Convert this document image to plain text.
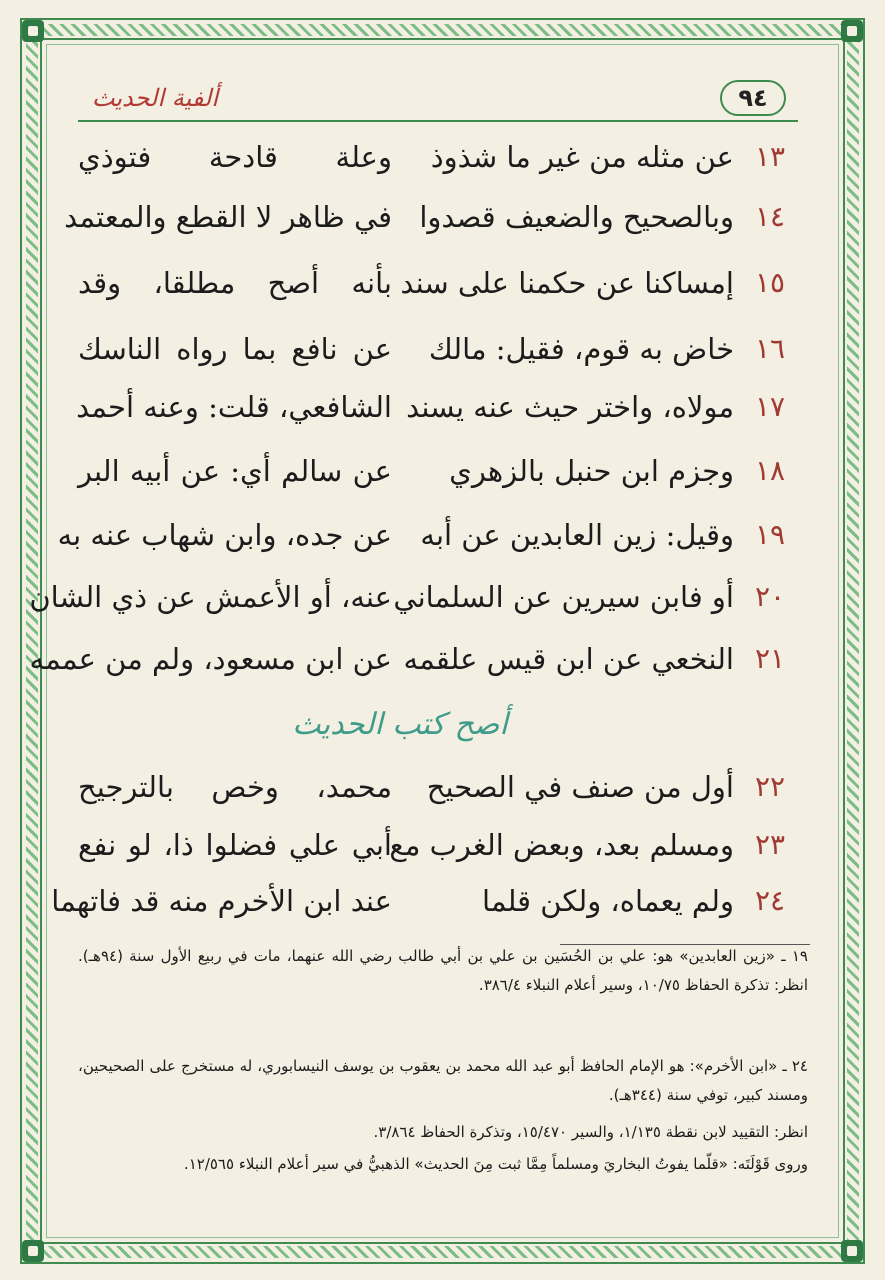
ألفية الحديث	٩٤
١٣
عن مثله من غير ما شذوذ
وعلة قادحة فتوذي
١٤
وبالصحيح والضعيف قصدوا
في ظاهر لا القطع والمعتمد
١٥
إمساكنا عن حكمنا على سند
بأنه أصح مطلقا، وقد
١٦
خاض به قوم، فقيل: مالك
عن نافع بما رواه الناسك
١٧
مولاه، واختر حيث عنه يسند
الشافعي، قلت: وعنه أحمد
١٨
وجزم ابن حنبل بالزهري
عن سالم أي: عن أبيه البر
١٩
وقيل: زين العابدين عن أبه
عن جده، وابن شهاب عنه به
٢٠
أو فابن سيرين عن السلماني
عنه، أو الأعمش عن ذي الشان
٢١
النخعي عن ابن قيس علقمه
عن ابن مسعود، ولم من عممه
أصح كتب الحديث
٢٢
أول من صنف في الصحيح
محمد، وخص بالترجيح
٢٣
ومسلم بعد، وبعض الغرب مع
أبي علي فضلوا ذا، لو نفع
٢٤
ولم يعماه، ولكن قلما
عند ابن الأخرم منه قد فاتهما

١٩ ـ «زين العابدين» هو: علي بن الحُسَين بن علي بن أبي طالب رضي الله عنهما، مات في ربيع الأول سنة (٩٤هـ). انظر: تذكرة الحفاظ ١٠/٧٥، وسير أعلام النبلاء ٣٨٦/٤.

٢٤ ـ «ابن الأخرم»: هو الإمام الحافظ أبو عبد الله محمد بن يعقوب بن يوسف النيسابوري، له مستخرج على الصحيحين، ومسند كبير، توفي سنة (٣٤٤هـ).

انظر: التقييد لابن نقطة ١/١٣٥، والسير ١٥/٤٧٠، وتذكرة الحفاظ ٣/٨٦٤.

وروى قَوْلَتَه: «قلّما يفوتُ البخاريَ ومسلماً مِمَّا ثبت مِنَ الحديث» الذهبيُّ في سير أعلام النبلاء ١٢/٥٦٥.
